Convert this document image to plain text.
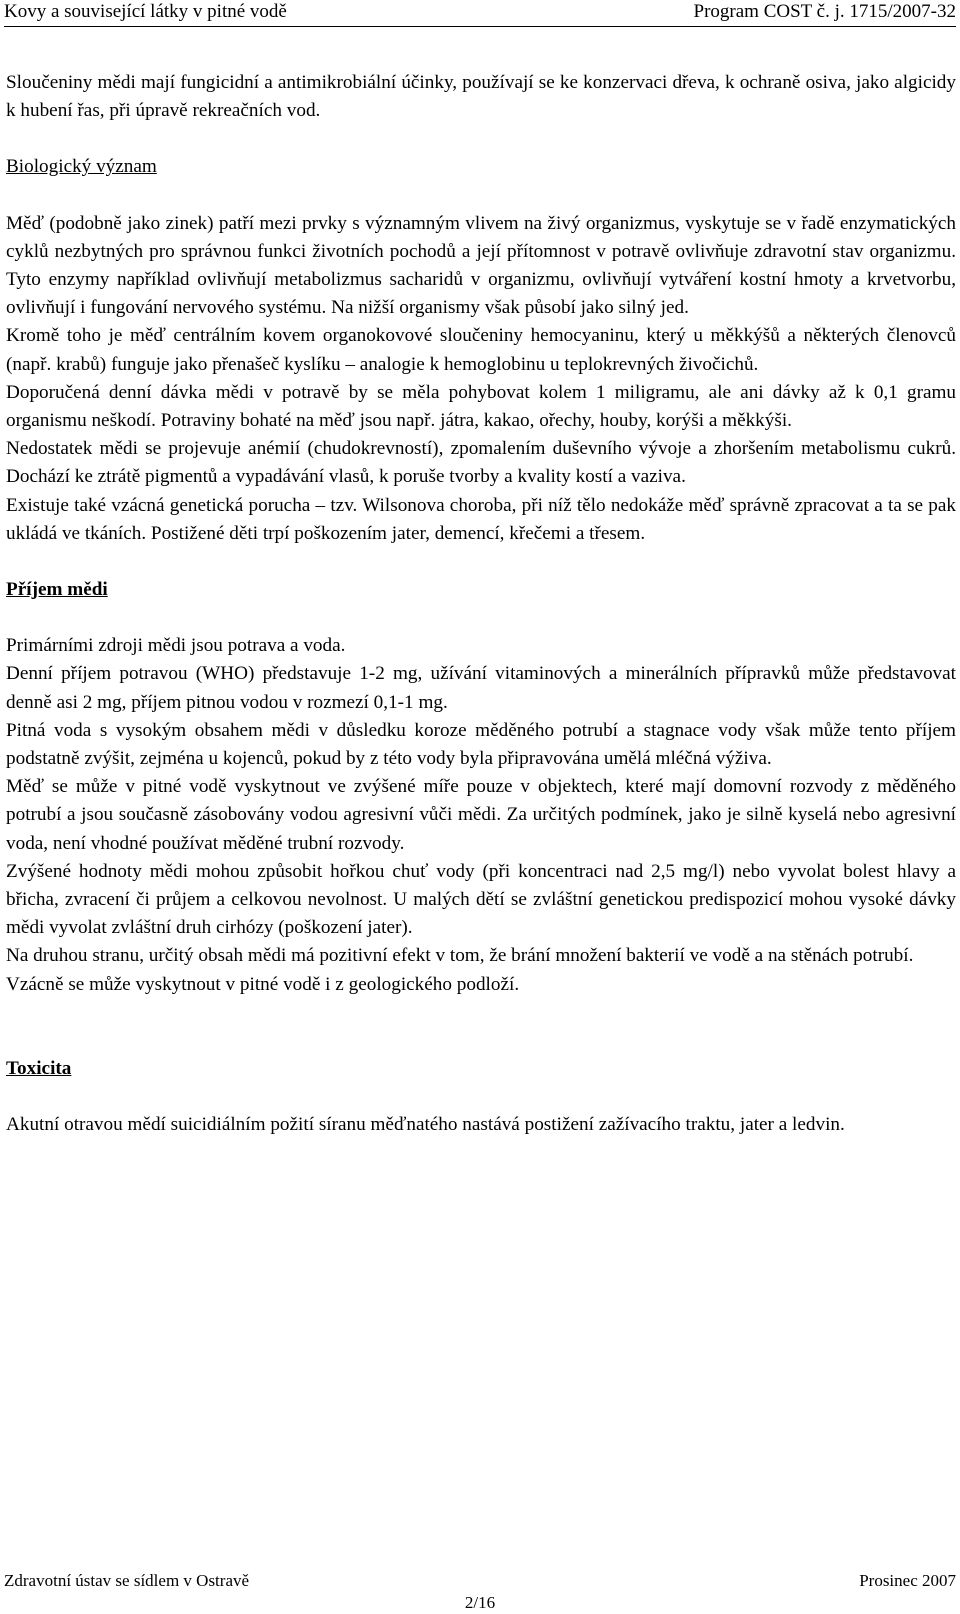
Kovy a související látky v pitné vodě	Program COST č. j. 1715/2007-32

Sloučeniny mědi mají fungicidní a antimikrobiální účinky, používají se ke konzervaci dřeva, k ochraně osiva, jako algicidy k hubení řas, při úpravě rekreačních vod.

Biologický význam

Měď (podobně jako zinek) patří mezi prvky s významným vlivem na živý organizmus, vyskytuje se v řadě enzymatických cyklů nezbytných pro správnou funkci životních pochodů a její přítomnost v potravě ovlivňuje zdravotní stav organizmu. Tyto enzymy například ovlivňují metabolizmus sacharidů v organizmu, ovlivňují vytváření kostní hmoty a krvetvorbu, ovlivňují i fungování nervového systému. Na nižší organismy však působí jako silný jed.

Kromě toho je měď centrálním kovem organokovové sloučeniny hemocyaninu, který u měkkýšů a některých členovců (např. krabů) funguje jako přenašeč kyslíku – analogie k hemoglobinu u teplokrevných živočichů.

Doporučená denní dávka mědi v potravě by se měla pohybovat kolem 1 miligramu, ale ani dávky až k 0,1 gramu organismu neškodí. Potraviny bohaté na měď jsou např. játra, kakao, ořechy, houby, korýši a měkkýši.

Nedostatek mědi se projevuje anémií (chudokrevností), zpomalením duševního vývoje a zhoršením metabolismu cukrů. Dochází ke ztrátě pigmentů a vypadávání vlasů, k poruše tvorby a kvality kostí a vaziva.

Existuje také vzácná genetická porucha – tzv. Wilsonova choroba, při níž tělo nedokáže měď správně zpracovat a ta se pak ukládá ve tkáních. Postižené děti trpí poškozením jater, demencí, křečemi a třesem.

Příjem mědi

Primárními zdroji mědi jsou potrava a voda.

Denní příjem potravou (WHO) představuje 1-2 mg, užívání vitaminových a minerálních přípravků může představovat denně asi 2 mg, příjem pitnou vodou v rozmezí 0,1-1 mg.

Pitná voda s vysokým obsahem mědi v důsledku koroze měděného potrubí a stagnace vody však může tento příjem podstatně zvýšit, zejména u kojenců, pokud by z této vody byla připravována umělá mléčná výživa.

Měď se může v pitné vodě vyskytnout ve zvýšené míře pouze v objektech, které mají domovní rozvody z měděného potrubí a jsou současně zásobovány vodou agresivní vůči mědi. Za určitých podmínek, jako je silně kyselá nebo agresivní voda, není vhodné používat měděné trubní rozvody.

Zvýšené hodnoty mědi mohou způsobit hořkou chuť vody (při koncentraci nad 2,5 mg/l) nebo vyvolat bolest hlavy a břicha, zvracení či průjem a celkovou nevolnost. U malých dětí se zvláštní genetickou predispozicí mohou vysoké dávky mědi vyvolat zvláštní druh cirhózy (poškození jater).

Na druhou stranu, určitý obsah mědi má pozitivní efekt v tom, že brání množení bakterií ve vodě a na stěnách potrubí.

Vzácně se může vyskytnout v pitné vodě i z geologického podloží.

Toxicita

Akutní otravou mědí suicidiálním požití síranu měďnatého nastává postižení zažívacího traktu, jater a ledvin.

Zdravotní ústav se sídlem v Ostravě	Prosinec 2007
2/16
